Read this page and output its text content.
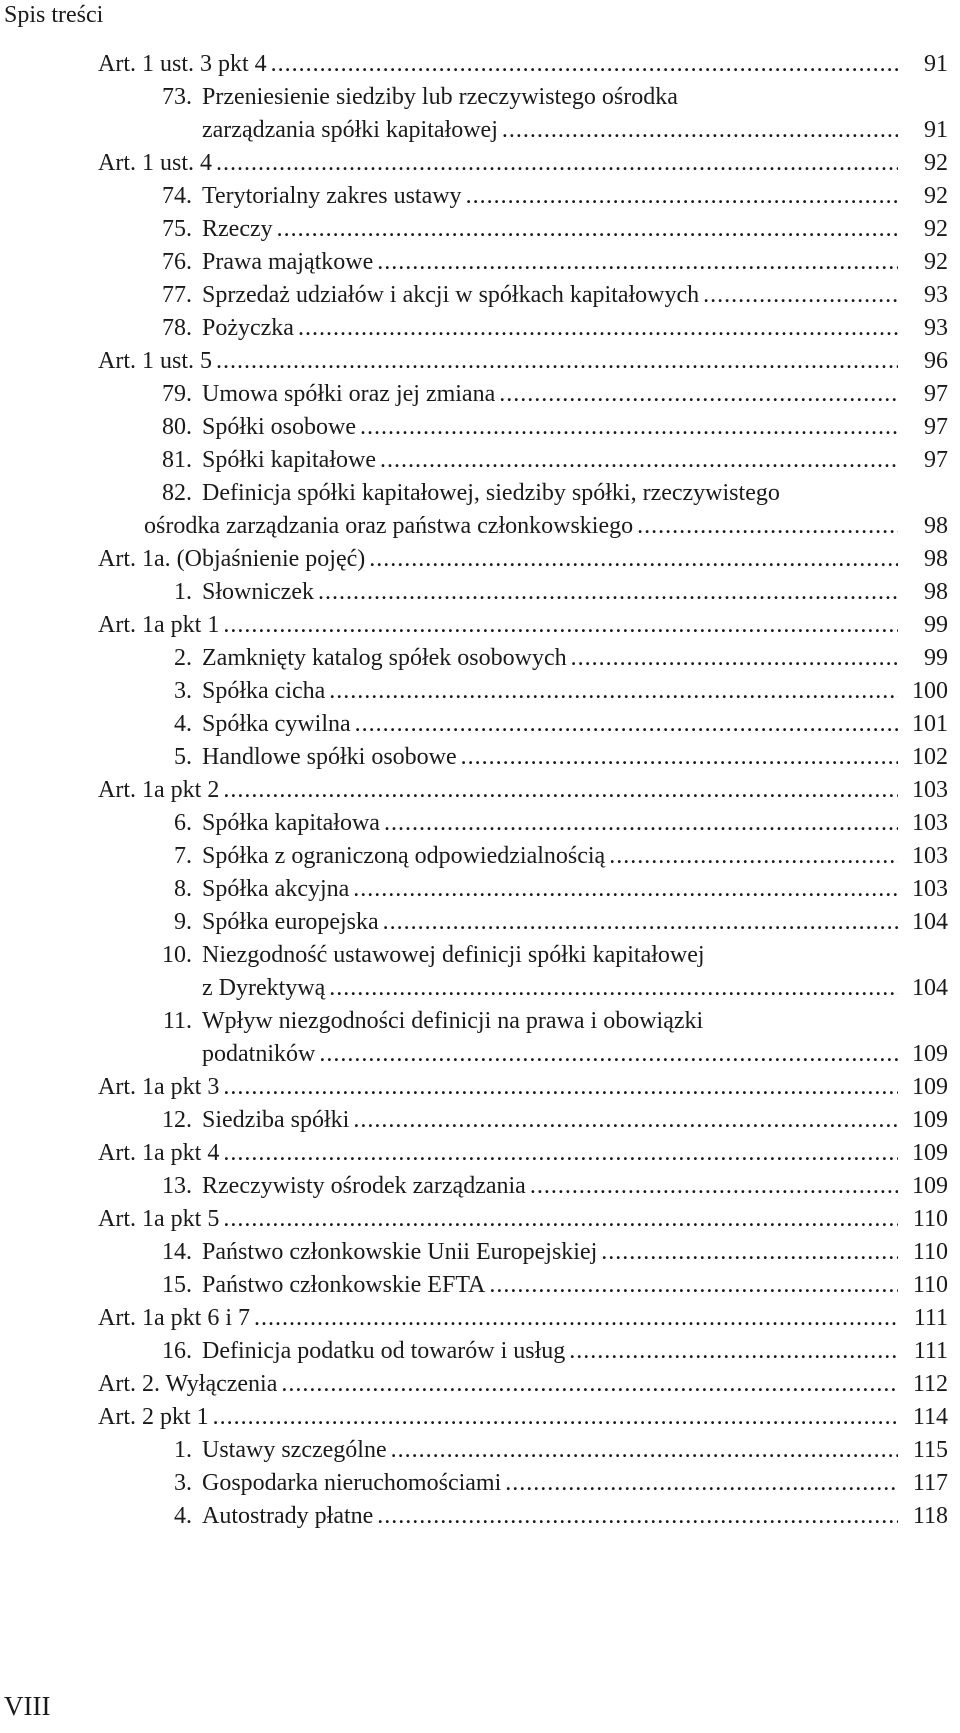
Spis treści
Art. 1 ust. 3 pkt 4 .....	91
73. Przeniesienie siedziby lub rzeczywistego ośrodka
zarządzania spółki kapitałowej .....	91
Art. 1 ust. 4 .....	92
74. Terytorialny zakres ustawy .....	92
75. Rzeczy .....	92
76. Prawa majątkowe .....	92
77. Sprzedaż udziałów i akcji w spółkach kapitałowych .....	93
78. Pożyczka .....	93
Art. 1 ust. 5 .....	96
79. Umowa spółki oraz jej zmiana .....	97
80. Spółki osobowe .....	97
81. Spółki kapitałowe .....	97
82. Definicja spółki kapitałowej, siedziby spółki, rzeczywistego
ośrodka zarządzania oraz państwa członkowskiego .....	98
Art. 1a. (Objaśnienie pojęć) .....	98
1. Słowniczek .....	98
Art. 1a pkt 1 .....	99
2. Zamknięty katalog spółek osobowych .....	99
3. Spółka cicha .....	100
4. Spółka cywilna .....	101
5. Handlowe spółki osobowe .....	102
Art. 1a pkt 2 .....	103
6. Spółka kapitałowa .....	103
7. Spółka z ograniczoną odpowiedzialnością .....	103
8. Spółka akcyjna .....	103
9. Spółka europejska .....	104
10. Niezgodność ustawowej definicji spółki kapitałowej
z Dyrektywą .....	104
11. Wpływ niezgodności definicji na prawa i obowiązki
podatników .....	109
Art. 1a pkt 3 .....	109
12. Siedziba spółki .....	109
Art. 1a pkt 4 .....	109
13. Rzeczywisty ośrodek zarządzania .....	109
Art. 1a pkt 5 .....	110
14. Państwo członkowskie Unii Europejskiej .....	110
15. Państwo członkowskie EFTA .....	110
Art. 1a pkt 6 i 7 .....	111
16. Definicja podatku od towarów i usług .....	111
Art. 2. Wyłączenia .....	112
Art. 2 pkt 1 .....	114
1. Ustawy szczególne .....	115
3. Gospodarka nieruchomościami .....	117
4. Autostrady płatne .....	118
VIII
